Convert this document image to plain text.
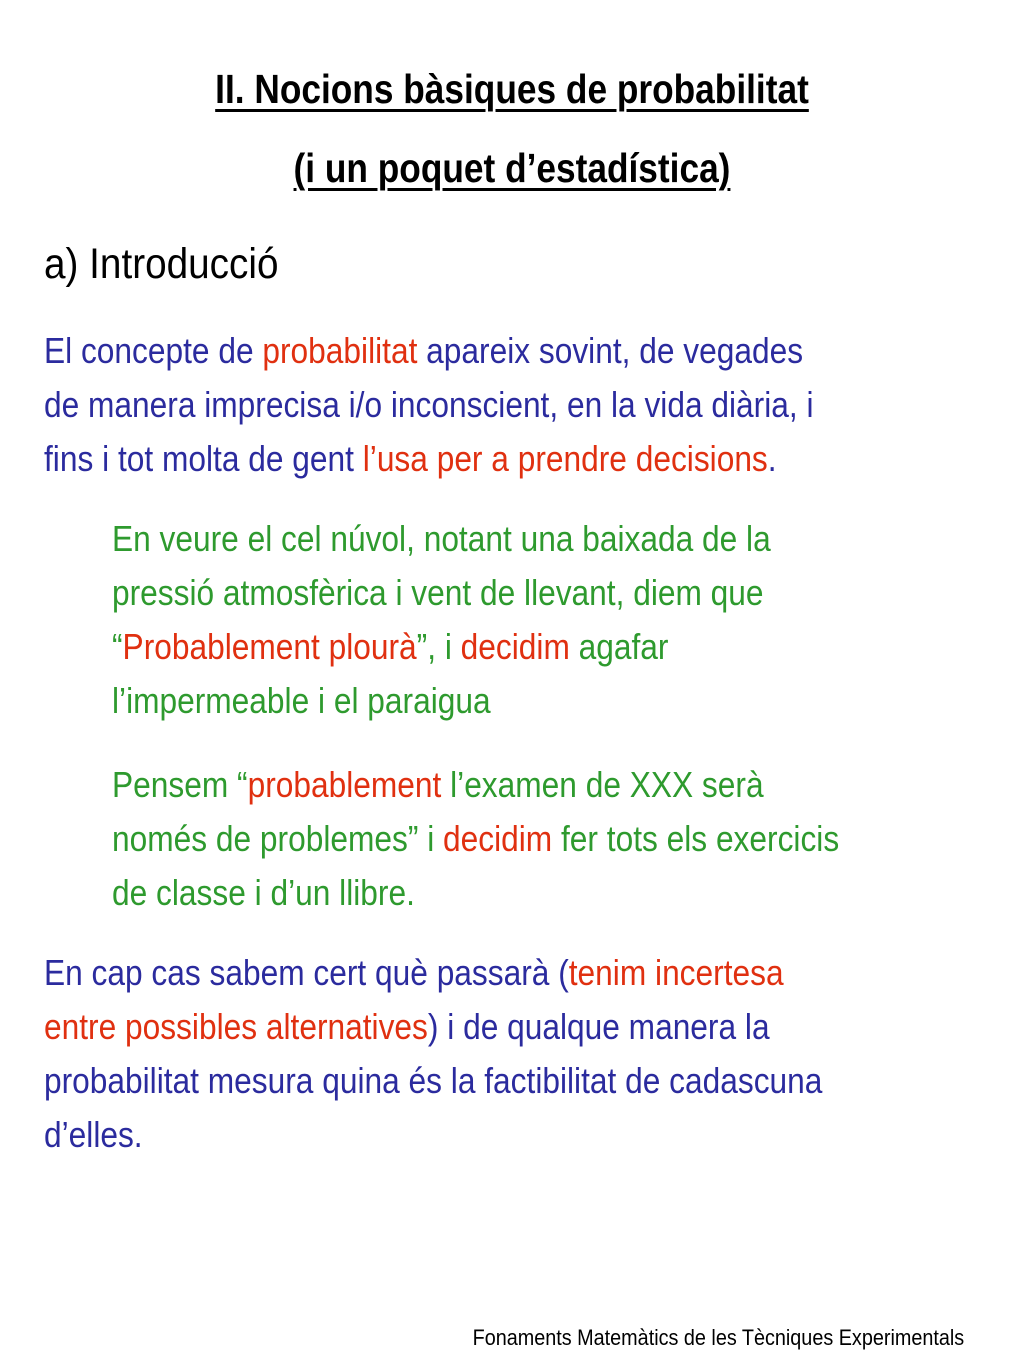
II. Nocions bàsiques de probabilitat
(i un poquet d’estadística)
a) Introducció

El concepte de probabilitat apareix sovint, de vegades
de manera imprecisa i/o inconscient, en la vida diària, i
fins i tot molta de gent l’usa per a prendre decisions.

En veure el cel núvol, notant una baixada de la
pressió atmosfèrica i vent de llevant, diem que
“Probablement plourà”, i decidim agafar
l’impermeable i el paraigua

Pensem “probablement l’examen de XXX serà
només de problemes” i decidim fer tots els exercicis
de classe i d’un llibre.

En cap cas sabem cert què passarà (tenim incertesa
entre possibles alternatives) i de qualque manera la
probabilitat mesura quina és la factibilitat de cadascuna
d’elles.

Fonaments Matemàtics de les Tècniques Experimentals
